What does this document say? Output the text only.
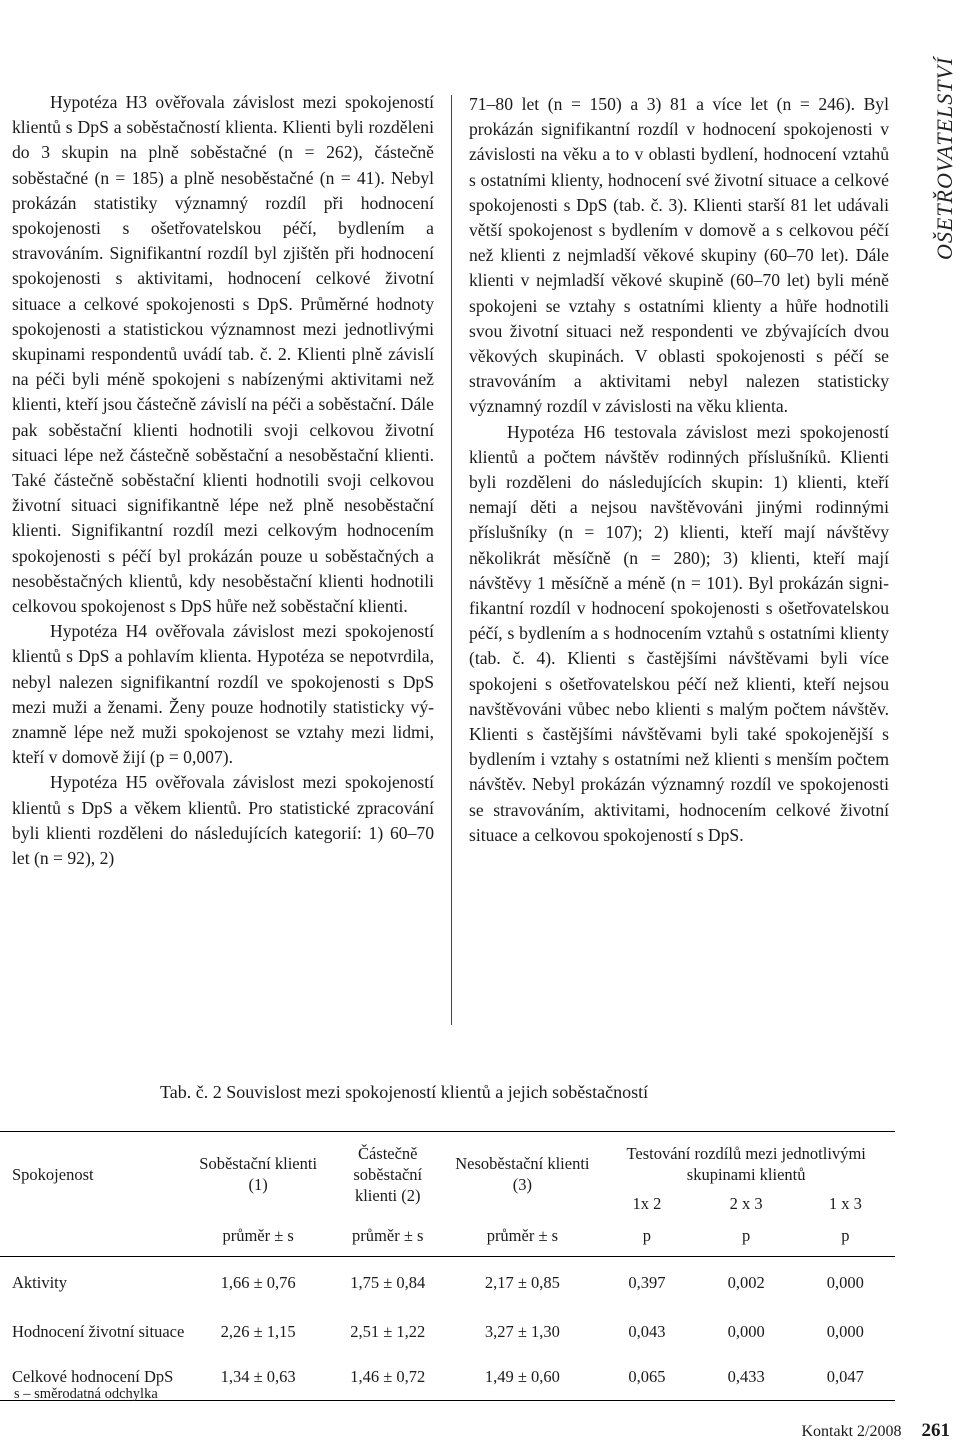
OŠETŘOVATELSTVÍ

Hypotéza H3 ověřovala závislost mezi spokojeností klientů s DpS a soběstačností klienta. Klienti byli rozděleni do 3 skupin na plně soběstačné (n = 262), částečně soběstačné (n = 185) a plně nesoběstačné (n = 41). Nebyl prokázán statistiky významný rozdíl při hodnocení spokojenosti s ošetřovatelskou péčí, bydlením a stravováním. Signifikantní rozdíl byl zjištěn při hodnocení spokojenosti s aktivitami, hodnocení celkové životní situace a celkové spokojenosti s DpS. Průměrné hodnoty spokojenosti a statistickou významnost mezi jednotlivými skupinami respondentů uvádí tab. č. 2. Klienti plně závislí na péči byli méně spokojeni s nabízenými aktivitami než klienti, kteří jsou částečně závislí na péči a soběstační. Dále pak soběstační klienti hodnotili svoji celkovou životní situaci lépe než částečně soběstační a nesoběstační klienti. Také částečně soběstační klienti hodnotili svoji celkovou životní situaci signifikantně lépe než plně nesoběstační klienti. Signifikantní rozdíl mezi celkovým hodnocením spokojenosti s péčí byl prokázán pouze u soběstačných a nesoběstačných klientů, kdy nesoběstační klienti hodnotili celkovou spokojenost s DpS hůře než soběstační klienti.

Hypotéza H4 ověřovala závislost mezi spokojeností klientů s DpS a pohlavím klienta. Hypotéza se nepotvrdila, nebyl nalezen signifikantní rozdíl ve spokojenosti s DpS mezi muži a ženami. Ženy pouze hodnotily statisticky významně lépe než muži spokojenost se vztahy mezi lidmi, kteří v domově žijí (p = 0,007).

Hypotéza H5 ověřovala závislost mezi spokojeností klientů s DpS a věkem klientů. Pro statistické zpracování byli klienti rozděleni do následujících kategorií: 1) 60–70 let (n = 92), 2)

71–80 let (n = 150) a 3) 81 a více let (n = 246). Byl prokázán signifikantní rozdíl v hodnocení spokojenosti v závislosti na věku a to v oblasti bydlení, hodnocení vztahů s ostatními klienty, hodnocení své životní situace a celkové spokojenosti s DpS (tab. č. 3). Klienti starší 81 let udávali větší spokojenost s bydlením v domově a s celkovou péčí než klienti z nejmladší věkové skupiny (60–70 let). Dále klienti v nejmladší věkové skupině (60–70 let) byli méně spokojeni se vztahy s ostatními klienty a hůře hodnotili svou životní situaci než respondenti ve zbývajících dvou věkových skupinách. V oblasti spokojenosti s péčí se stravováním a aktivitami nebyl nalezen statisticky významný rozdíl v závislosti na věku klienta.

Hypotéza H6 testovala závislost mezi spokojeností klientů a počtem návštěv rodinných příslušníků. Klienti byli rozděleni do následujících skupin: 1) klienti, kteří nemají děti a nejsou navštěvováni jinými rodinnými příslušníky (n = 107); 2) klienti, kteří mají návštěvy několikrát měsíčně (n = 280); 3) klienti, kteří mají návštěvy 1 měsíčně a méně (n = 101). Byl prokázán signifikantní rozdíl v hodnocení spokojenosti s ošetřovatelskou péčí, s bydlením a s hodnocením vztahů s ostatními klienty (tab. č. 4). Klienti s častějšími návštěvami byli více spokojeni s ošetřovatelskou péčí než klienti, kteří nejsou navštěvováni vůbec nebo klienti s malým počtem návštěv. Klienti s častějšími návštěvami byli také spokojenější s bydlením i vztahy s ostatními než klienti s menším počtem návštěv. Nebyl prokázán významný rozdíl ve spokojenosti se stravováním, aktivitami, hodnocením celkové životní situace a celkovou spokojeností s DpS.

Tab. č. 2 Souvislost mezi spokojeností klientů a jejich soběstačností
Spokojenost	Soběstační klienti (1)	Částečně soběstační klienti (2)	Nesoběstační klienti (3)	Testování rozdílů mezi jednotlivými skupinami klientů		
				1x 2	2 x 3	1 x 3
	průměr ± s	průměr ± s	průměr ± s	p	p	p
Aktivity	1,66 ± 0,76	1,75 ± 0,84	2,17 ± 0,85	0,397	0,002	0,000
Hodnocení životní situace	2,26 ± 1,15	2,51 ± 1,22	3,27 ± 1,30	0,043	0,000	0,000
Celkové hodnocení DpS	1,34 ± 0,63	1,46 ± 0,72	1,49 ± 0,60	0,065	0,433	0,047
s – směrodatná odchylka
Kontakt 2/2008 261
